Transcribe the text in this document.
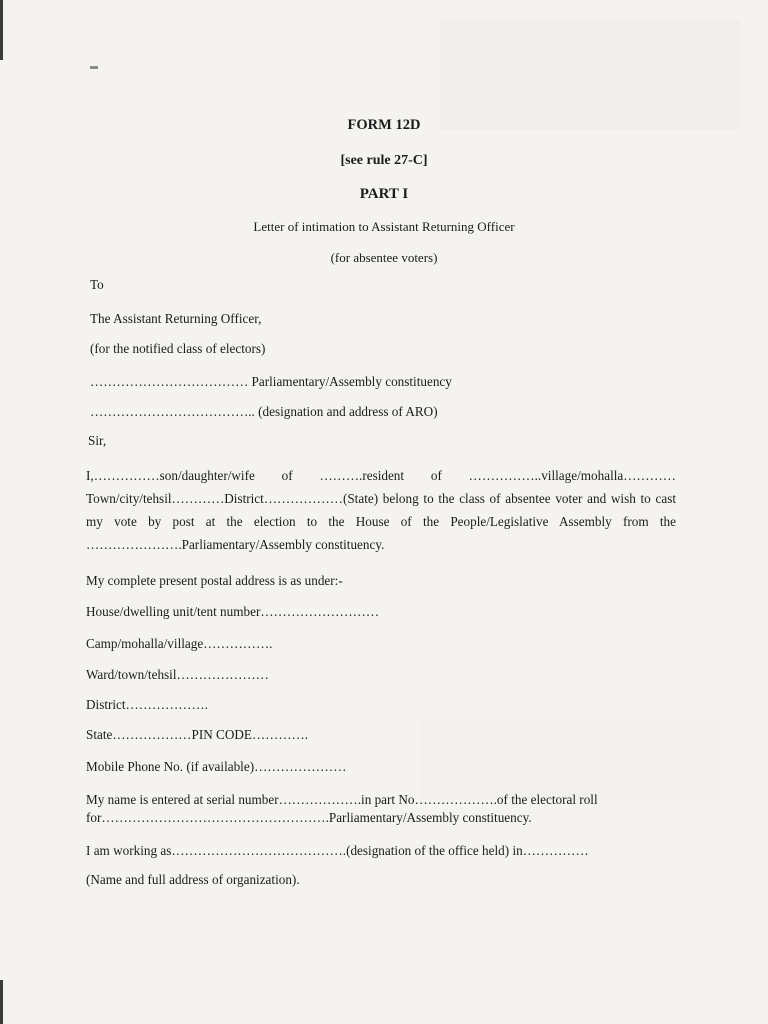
FORM 12D
[see rule 27-C]
PART I
Letter of intimation to Assistant Returning Officer
(for absentee voters)
To
The Assistant Returning Officer,
(for the notified class of electors)
……………………………… Parliamentary/Assembly constituency
……………………………….. (designation and address of ARO)
Sir,
I,……………son/daughter/wife of ……….resident of ……………..village/mohalla………… Town/city/tehsil…………District………………(State) belong to the class of absentee voter and wish to cast my vote by post at the election to the House of the People/Legislative Assembly from the ………………….Parliamentary/Assembly constituency.
My complete present postal address is as under:-
House/dwelling unit/tent number………………………
Camp/mohalla/village…………….
Ward/town/tehsil…………………
District……………….
State………………PIN CODE………….
Mobile Phone No. (if available)…………………
My name is entered at serial number……………….in part No……………….of the electoral roll
for…………………………………………….Parliamentary/Assembly constituency.
I am working as………………………………….(designation of the office held) in……………
(Name and full address of organization).
